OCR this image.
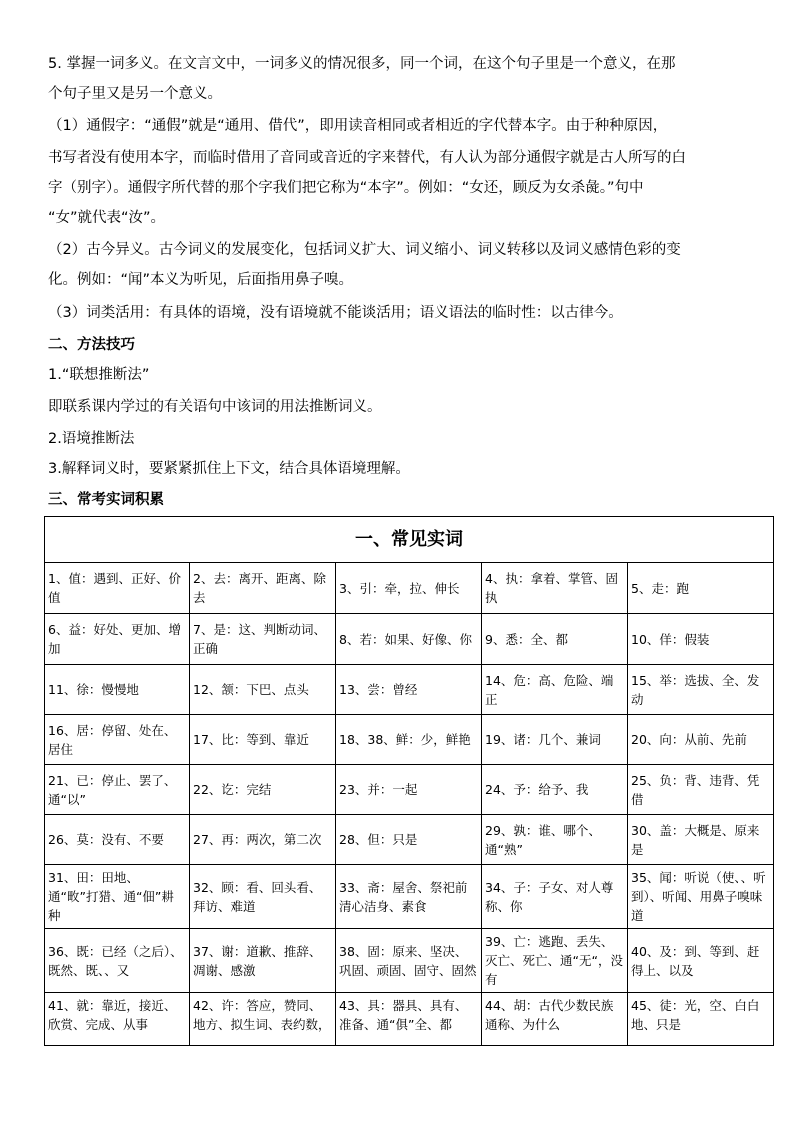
5. 掌握一词多义。在文言文中，一词多义的情况很多，同一个词，在这个句子里是一个意义，在那

个句子里又是另一个意义。

（1）通假字：“通假”就是“通用、借代”，即用读音相同或者相近的字代替本字。由于种种原因，

书写者没有使用本字，而临时借用了音同或音近的字来替代，有人认为部分通假字就是古人所写的白

字（别字）。通假字所代替的那个字我们把它称为“本字”。例如：“女还，顾反为女杀彘。”句中

“女”就代表“汝”。

（2）古今异义。古今词义的发展变化，包括词义扩大、词义缩小、词义转移以及词义感情色彩的变

化。例如：“闻”本义为听见，后面指用鼻子嗅。

（3）词类活用：有具体的语境，没有语境就不能谈活用；语义语法的临时性：以古律今。

二、方法技巧

1.“联想推断法”

即联系课内学过的有关语句中该词的用法推断词义。

2.语境推断法

3.解释词义时，要紧紧抓住上下文，结合具体语境理解。

三、常考实词积累

一、常见实词				
1、值：遇到、正好、价值	2、去：离开、距离、除去	3、引：牵，拉、伸长	4、执：拿着、掌管、固执	5、走：跑
6、益：好处、更加、增加	7、是：这、判断动词、正确	8、若：如果、好像、你	9、悉：全、都	10、佯：假装
11、徐：慢慢地	12、颔：下巴、点头	13、尝：曾经	14、危：高、危险、端正	15、举：选拔、全、发动
16、居：停留、处在、居住	17、比：等到、靠近	18、38、鲜：少，鲜艳	19、诸：几个、兼词	20、向：从前、先前
21、已：停止、罢了、通“以”	22、讫：完结	23、并：一起	24、予：给予、我	25、负：背、违背、凭借
26、莫：没有、不要	27、再：两次，第二次	28、但：只是	29、孰：谁、哪个、通“熟”	30、盖：大概是、原来是
31、田：田地、通“畋”打猎、通“佃”耕种	32、顾：看、回头看、拜访、难道	33、斋：屋舍、祭祀前清心洁身、素食	34、子：子女、对人尊称、你	35、闻：听说（使、、听到）、听闻、用鼻子嗅味道
36、既：已经（之后）、既然、既、、又	37、谢：道歉、推辞、凋谢、感激	38、固：原来、坚决、巩固、顽固、固守、固然	39、亡：逃跑、丢失、灭亡、死亡、通“无“，没有	40、及：到、等到、赶得上、以及
41、就：靠近，接近、欣赏、完成、从事	42、许：答应，赞同、地方、拟生词、表约数，	43、具：器具、具有、准备、通“俱”全、都	44、胡：古代少数民族通称、为什么	45、徒：光，空、白白地、只是
